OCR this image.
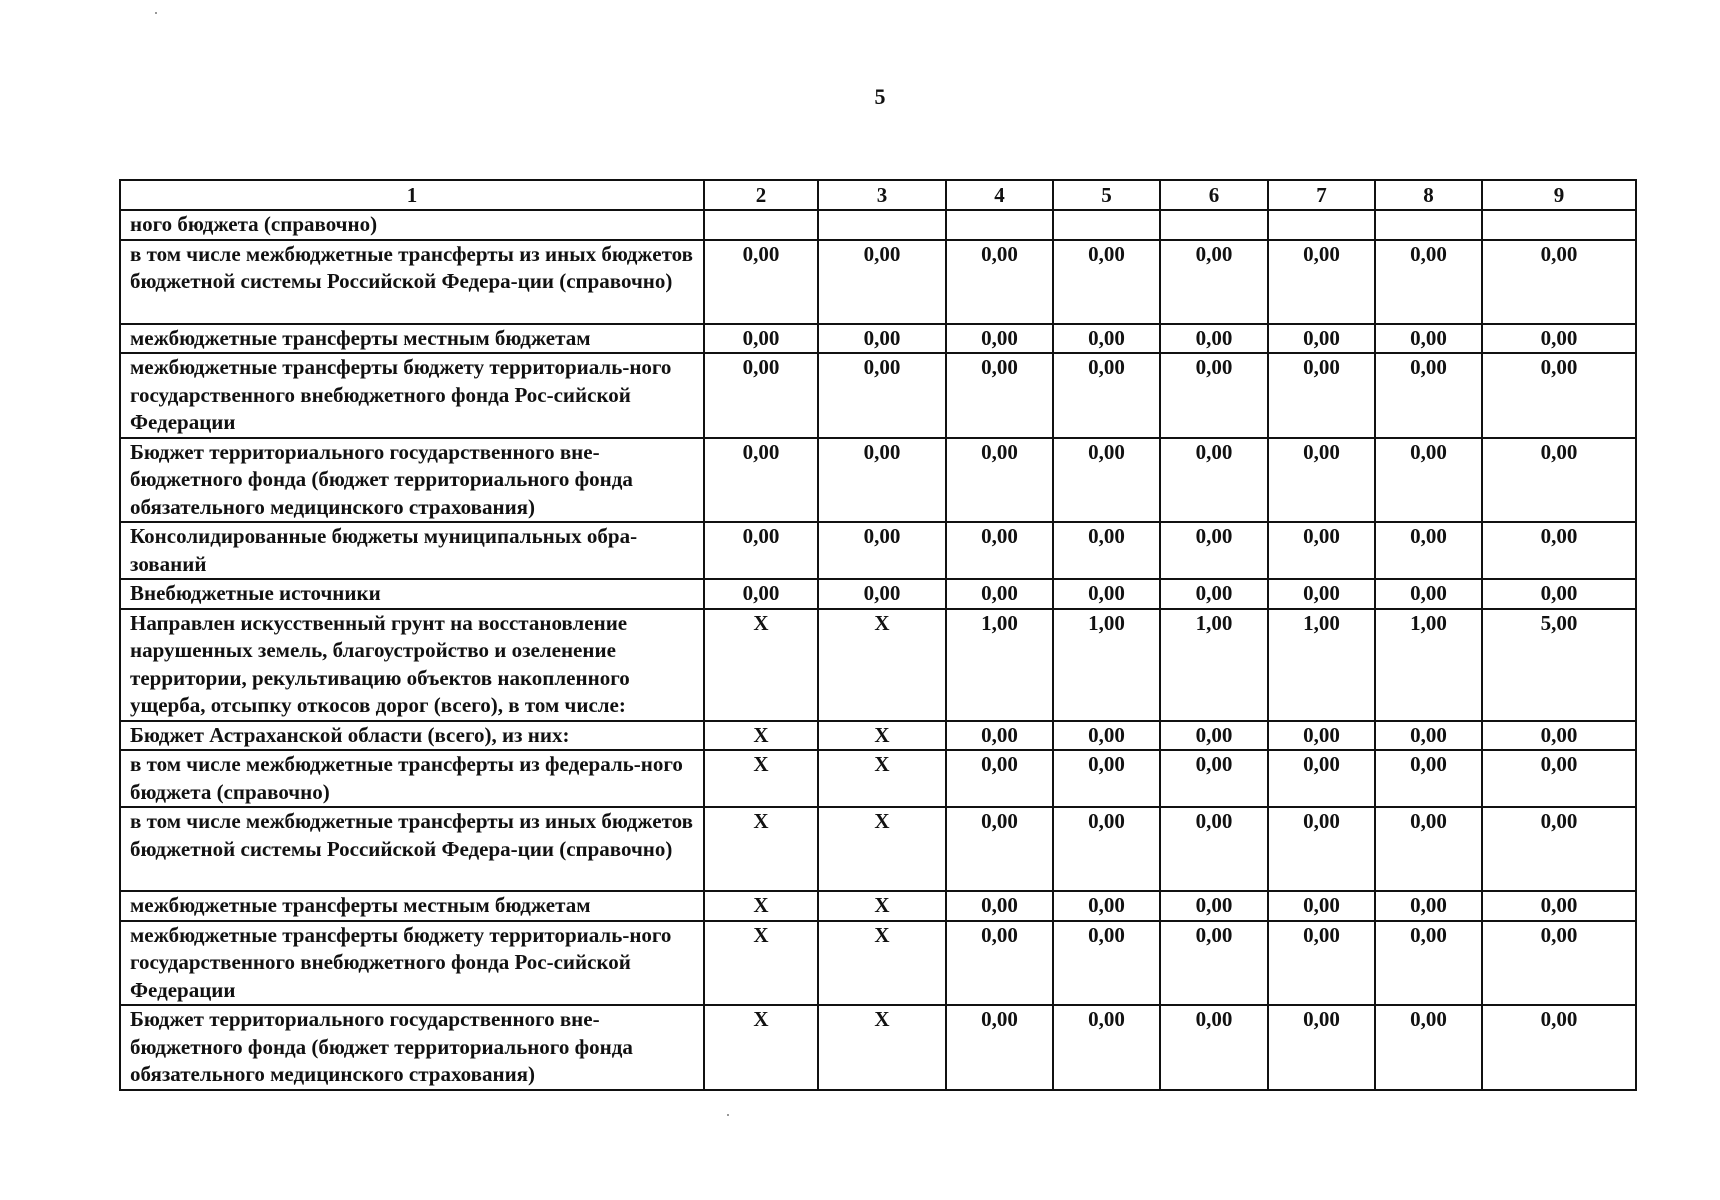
5
1	2	3	4	5	6	7	8	9
ного бюджета (справочно)								
в том числе межбюджетные трансферты из иных бюджетов бюджетной системы Российской Федера-ции (справочно)	0,00	0,00	0,00	0,00	0,00	0,00	0,00	0,00
межбюджетные трансферты местным бюджетам	0,00	0,00	0,00	0,00	0,00	0,00	0,00	0,00
межбюджетные трансферты бюджету территориаль-ного государственного внебюджетного фонда Рос-сийской Федерации	0,00	0,00	0,00	0,00	0,00	0,00	0,00	0,00
Бюджет территориального государственного вне-бюджетного фонда (бюджет территориального фонда обязательного медицинского страхования)	0,00	0,00	0,00	0,00	0,00	0,00	0,00	0,00
Консолидированные бюджеты муниципальных обра-зований	0,00	0,00	0,00	0,00	0,00	0,00	0,00	0,00
Внебюджетные источники	0,00	0,00	0,00	0,00	0,00	0,00	0,00	0,00
Направлен искусственный грунт на восстановление нарушенных земель, благоустройство и озеленение территории, рекультивацию объектов накопленного ущерба, отсыпку откосов дорог (всего), в том числе:	X	X	1,00	1,00	1,00	1,00	1,00	5,00
Бюджет Астраханской области (всего), из них:	X	X	0,00	0,00	0,00	0,00	0,00	0,00
в том числе межбюджетные трансферты из федераль-ного бюджета (справочно)	X	X	0,00	0,00	0,00	0,00	0,00	0,00
в том числе межбюджетные трансферты из иных бюджетов бюджетной системы Российской Федера-ции (справочно)	X	X	0,00	0,00	0,00	0,00	0,00	0,00
межбюджетные трансферты местным бюджетам	X	X	0,00	0,00	0,00	0,00	0,00	0,00
межбюджетные трансферты бюджету территориаль-ного государственного внебюджетного фонда Рос-сийской Федерации	X	X	0,00	0,00	0,00	0,00	0,00	0,00
Бюджет территориального государственного вне-бюджетного фонда (бюджет территориального фонда обязательного медицинского страхования)	X	X	0,00	0,00	0,00	0,00	0,00	0,00
